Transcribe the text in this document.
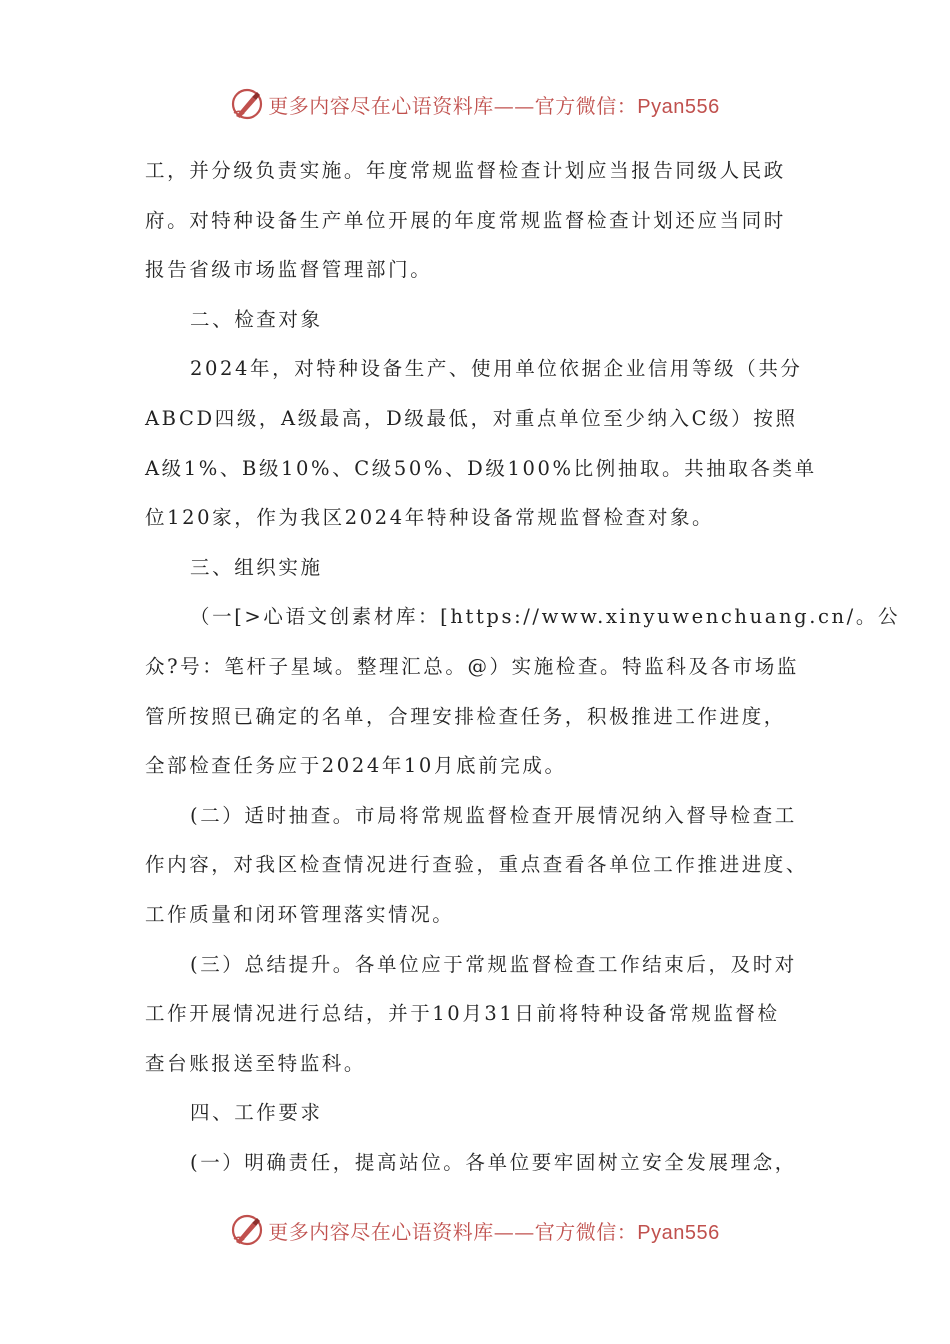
更多内容尽在心语资料库——官方微信：Pyan556
工，并分级负责实施。年度常规监督检查计划应当报告同级人民政
府。对特种设备生产单位开展的年度常规监督检查计划还应当同时
报告省级市场监督管理部门。
二、检查对象
2024年，对特种设备生产、使用单位依据企业信用等级（共分
ABCD四级，A级最高，D级最低，对重点单位至少纳入C级）按照
A级1%、B级10%、C级50%、D级100%比例抽取。共抽取各类单
位120家，作为我区2024年特种设备常规监督检查对象。
三、组织实施
（一[>心语文创素材库：[https://www.xinyuwenchuang.cn/。公
众?号：笔杆子星域。整理汇总。@）实施检查。特监科及各市场监
管所按照已确定的名单，合理安排检查任务，积极推进工作进度，
全部检查任务应于2024年10月底前完成。
(二）适时抽查。市局将常规监督检查开展情况纳入督导检查工
作内容，对我区检查情况进行查验，重点查看各单位工作推进进度、
工作质量和闭环管理落实情况。
(三）总结提升。各单位应于常规监督检查工作结束后，及时对
工作开展情况进行总结，并于10月31日前将特种设备常规监督检
查台账报送至特监科。
四、工作要求
(一）明确责任，提高站位。各单位要牢固树立安全发展理念，
更多内容尽在心语资料库——官方微信：Pyan556
